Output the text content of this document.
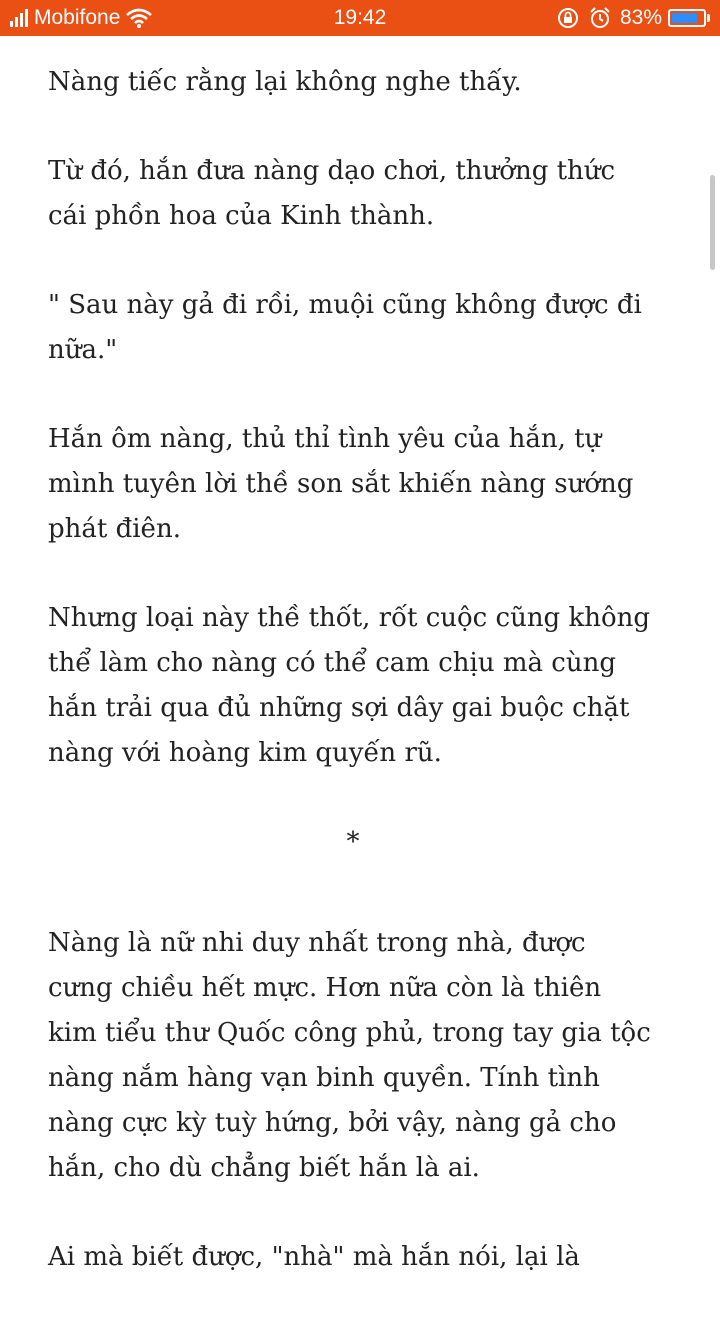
Mobifone	19:42	83%

Nàng tiếc rằng lại không nghe thấy.

Từ đó, hắn đưa nàng dạo chơi, thưởng thức cái phồn hoa của Kinh thành.

" Sau này gả đi rồi, muội cũng không được đi nữa."

Hắn ôm nàng, thủ thỉ tình yêu của hắn, tự mình tuyên lời thề son sắt khiến nàng sướng phát điên.

Nhưng loại này thề thốt, rốt cuộc cũng không thể làm cho nàng có thể cam chịu mà cùng hắn trải qua đủ những sợi dây gai buộc chặt nàng với hoàng kim quyến rũ.

*

Nàng là nữ nhi duy nhất trong nhà, được cưng chiều hết mực. Hơn nữa còn là thiên kim tiểu thư Quốc công phủ, trong tay gia tộc nàng nắm hàng vạn binh quyền. Tính tình nàng cực kỳ tuỳ hứng, bởi vậy, nàng gả cho hắn, cho dù chẳng biết hắn là ai.

Ai mà biết được, "nhà" mà hắn nói, lại là
